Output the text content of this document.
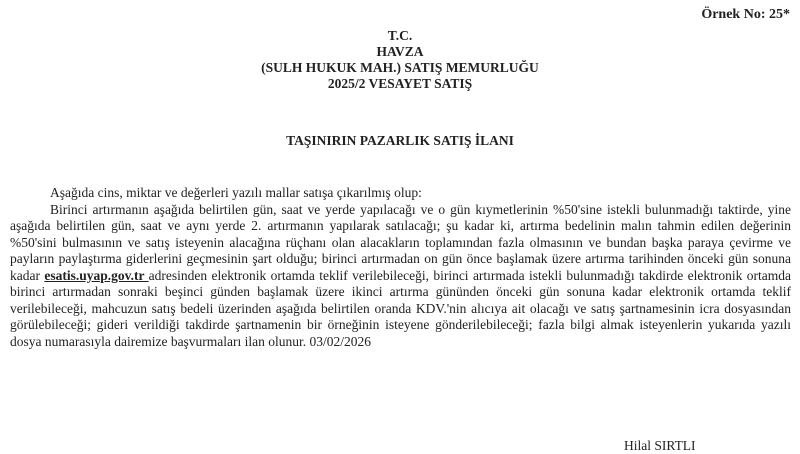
Örnek No: 25*
T.C.
HAVZA
(SULH HUKUK MAH.) SATIŞ MEMURLUĞU
2025/2 VESAYET SATIŞ
TAŞINIRIN PAZARLIK SATIŞ İLANI

Aşağıda cins, miktar ve değerleri yazılı mallar satışa çıkarılmış olup:

Birinci artırmanın aşağıda belirtilen gün, saat ve yerde yapılacağı ve o gün kıymetlerinin %50'sine istekli bulunmadığı taktirde, yine aşağıda belirtilen gün, saat ve aynı yerde 2. artırmanın yapılarak satılacağı; şu kadar ki, artırma bedelinin malın tahmin edilen değerinin %50'sini bulmasının ve satış isteyenin alacağına rüçhanı olan alacakların toplamından fazla olmasının ve bundan başka paraya çevirme ve payların paylaştırma giderlerini geçmesinin şart olduğu; birinci artırmadan on gün önce başlamak üzere artırma tarihinden önceki gün sonuna kadar esatis.uyap.gov.tr adresinden elektronik ortamda teklif verilebileceği, birinci artırmada istekli bulunmadığı takdirde elektronik ortamda birinci artırmadan sonraki beşinci günden başlamak üzere ikinci artırma gününden önceki gün sonuna kadar elektronik ortamda teklif verilebileceği, mahcuzun satış bedeli üzerinden aşağıda belirtilen oranda KDV.'nin alıcıya ait olacağı ve satış şartnamesinin icra dosyasından görülebileceği; gideri verildiği takdirde şartnamenin bir örneğinin isteyene gönderilebileceği; fazla bilgi almak isteyenlerin yukarıda yazılı dosya numarasıyla dairemize başvurmaları ilan olunur. 03/02/2026

Hilal SIRTLI
